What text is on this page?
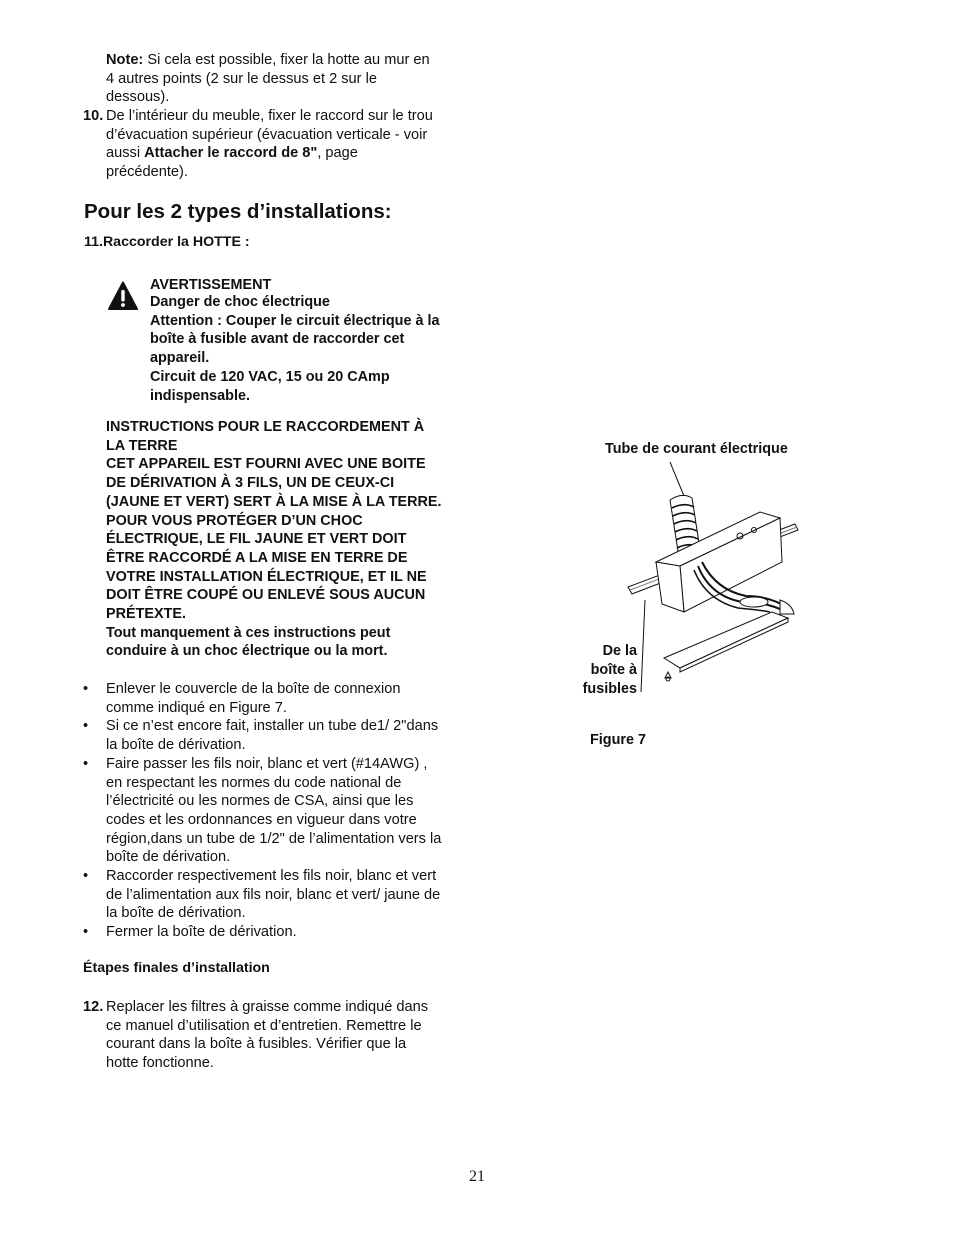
Note: Si cela est possible, fixer la hotte au mur en 4 autres points (2 sur le dessus et 2 sur le dessous).
10. De l’intérieur du meuble, fixer le raccord sur le trou d’évacuation supérieur (évacuation verticale - voir aussi Attacher le raccord de 8", page précédente).
Pour les 2 types d’installations:
11.Raccorder la HOTTE :
AVERTISSEMENT
Danger de choc électrique
Attention : Couper le circuit électrique à la boîte à fusible avant de raccorder cet appareil.
Circuit de 120 VAC, 15 ou 20 CAmp indispensable.
INSTRUCTIONS POUR LE RACCORDEMENT À LA TERRE
CET APPAREIL EST FOURNI AVEC UNE BOITE DE DÉRIVATION À 3 FILS, UN DE CEUX-CI (JAUNE ET VERT) SERT À LA MISE À LA TERRE. POUR VOUS PROTÉGER D’UN CHOC ÉLECTRIQUE, LE FIL JAUNE ET VERT DOIT ÊTRE RACCORDÉ A LA MISE EN TERRE DE VOTRE INSTALLATION ÉLECTRIQUE, ET IL NE DOIT ÊTRE COUPÉ OU ENLEVÉ SOUS AUCUN PRÉTEXTE.
Tout manquement à ces instructions peut conduire à un choc électrique ou la mort.
• Enlever le couvercle de la boîte de connexion comme indiqué en Figure 7.
• Si ce n’est encore fait, installer un tube de1/ 2"dans la boîte de dérivation.
• Faire passer les fils noir, blanc et vert (#14AWG) , en respectant les normes du code national de l’électricité ou les normes de CSA, ainsi que les codes et les ordonnances en vigueur dans votre région,dans un tube de 1/2" de l’alimentation vers la boîte de dérivation.
• Raccorder respectivement les fils noir, blanc et vert de l’alimentation aux fils noir, blanc et vert/ jaune de la boîte de dérivation.
• Fermer la boîte de dérivation.
Étapes finales d’installation
12. Replacer les filtres à graisse comme indiqué dans ce manuel d’utilisation et d’entretien. Remettre le courant dans la boîte à fusibles. Vérifier que la hotte fonctionne.
Tube de courant électrique
De la
boîte à
fusibles
Figure 7
21
